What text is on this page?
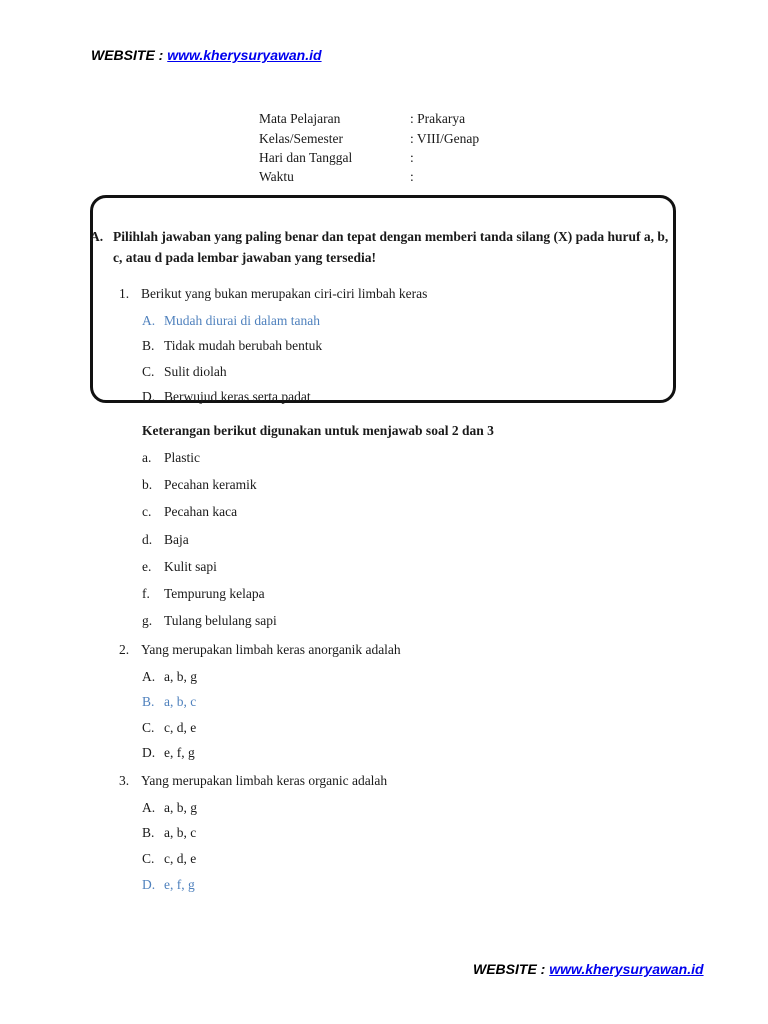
WEBSITE : www.kherysuryawan.id
Mata Pelajaran	: Prakarya
Kelas/Semester	: VIII/Genap
Hari dan Tanggal	:
Waktu	:
A. Pilihlah jawaban yang paling benar dan tepat dengan memberi tanda silang (X) pada huruf a, b, c, atau d pada lembar jawaban yang tersedia!
1. Berikut yang bukan merupakan ciri-ciri limbah keras
A. Mudah diurai di dalam tanah
B. Tidak mudah berubah bentuk
C. Sulit diolah
D. Berwujud keras serta padat
Keterangan berikut digunakan untuk menjawab soal 2 dan 3
a. Plastic
b. Pecahan keramik
c. Pecahan kaca
d. Baja
e. Kulit sapi
f. Tempurung kelapa
g. Tulang belulang sapi
2. Yang merupakan limbah keras anorganik adalah
A. a, b, g
B. a, b, c
C. c, d, e
D. e, f, g
3. Yang merupakan limbah keras organic adalah
A. a, b, g
B. a, b, c
C. c, d, e
D. e, f, g
WEBSITE : www.kherysuryawan.id
